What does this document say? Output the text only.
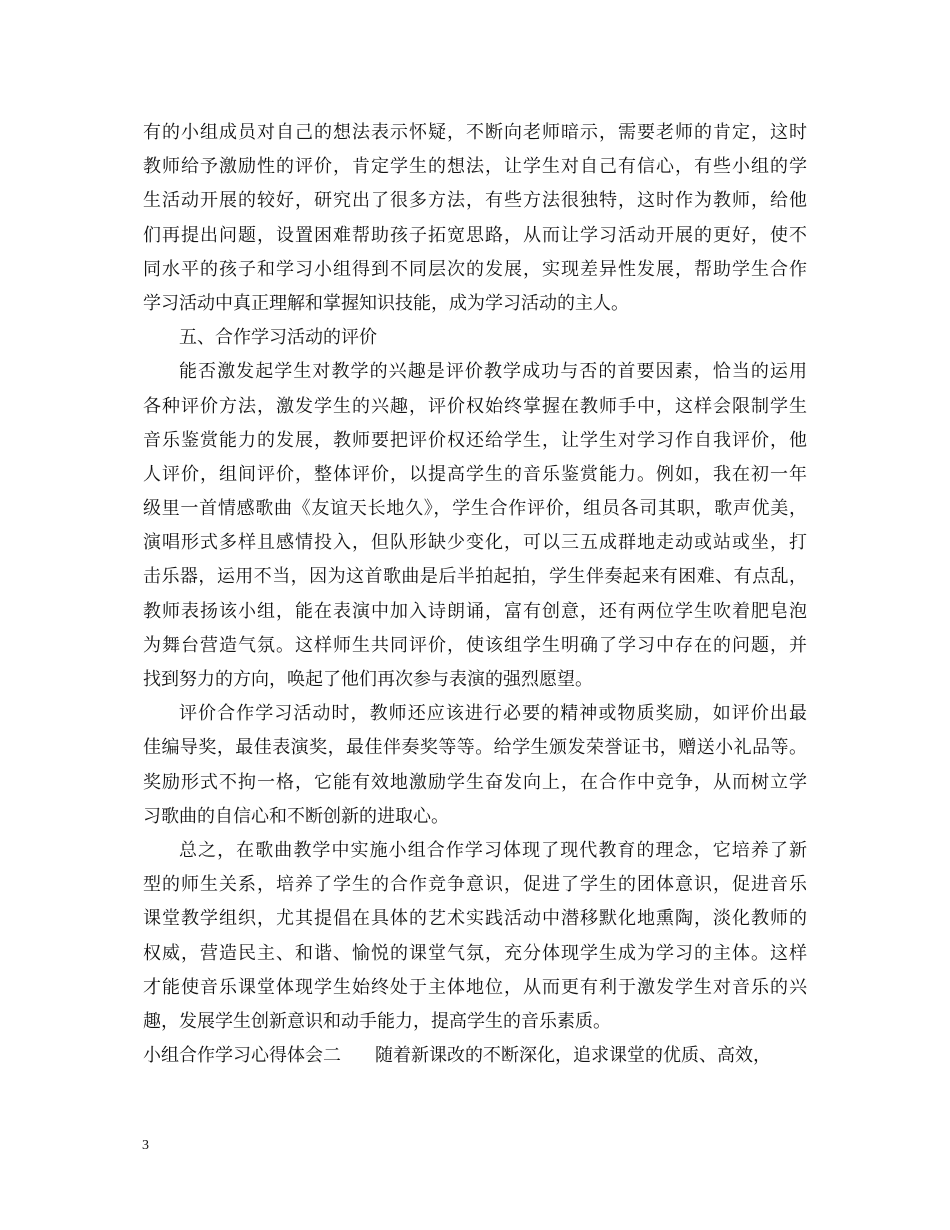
有的小组成员对自己的想法表示怀疑，不断向老师暗示，需要老师的肯定，这时
教师给予激励性的评价，肯定学生的想法，让学生对自己有信心，有些小组的学
生活动开展的较好，研究出了很多方法，有些方法很独特，这时作为教师，给他
们再提出问题，设置困难帮助孩子拓宽思路，从而让学习活动开展的更好，使不
同水平的孩子和学习小组得到不同层次的发展，实现差异性发展，帮助学生合作
学习活动中真正理解和掌握知识技能，成为学习活动的主人。
五、合作学习活动的评价
能否激发起学生对教学的兴趣是评价教学成功与否的首要因素，恰当的运用
各种评价方法，激发学生的兴趣，评价权始终掌握在教师手中，这样会限制学生
音乐鉴赏能力的发展，教师要把评价权还给学生，让学生对学习作自我评价，他
人评价，组间评价，整体评价，以提高学生的音乐鉴赏能力。例如，我在初一年
级里一首情感歌曲《友谊天长地久》，学生合作评价，组员各司其职，歌声优美，
演唱形式多样且感情投入，但队形缺少变化，可以三五成群地走动或站或坐，打
击乐器，运用不当，因为这首歌曲是后半拍起拍，学生伴奏起来有困难、有点乱，
教师表扬该小组，能在表演中加入诗朗诵，富有创意，还有两位学生吹着肥皂泡
为舞台营造气氛。这样师生共同评价，使该组学生明确了学习中存在的问题，并
找到努力的方向，唤起了他们再次参与表演的强烈愿望。
评价合作学习活动时，教师还应该进行必要的精神或物质奖励，如评价出最
佳编导奖，最佳表演奖，最佳伴奏奖等等。给学生颁发荣誉证书，赠送小礼品等。
奖励形式不拘一格，它能有效地激励学生奋发向上，在合作中竞争，从而树立学
习歌曲的自信心和不断创新的进取心。
总之，在歌曲教学中实施小组合作学习体现了现代教育的理念，它培养了新
型的师生关系，培养了学生的合作竞争意识，促进了学生的团体意识，促进音乐
课堂教学组织，尤其提倡在具体的艺术实践活动中潜移默化地熏陶，淡化教师的
权威，营造民主、和谐、愉悦的课堂气氛，充分体现学生成为学习的主体。这样
才能使音乐课堂体现学生始终处于主体地位，从而更有利于激发学生对音乐的兴
趣，发展学生创新意识和动手能力，提高学生的音乐素质。
小组合作学习心得体会二 随着新课改的不断深化，追求课堂的优质、高效，
3
